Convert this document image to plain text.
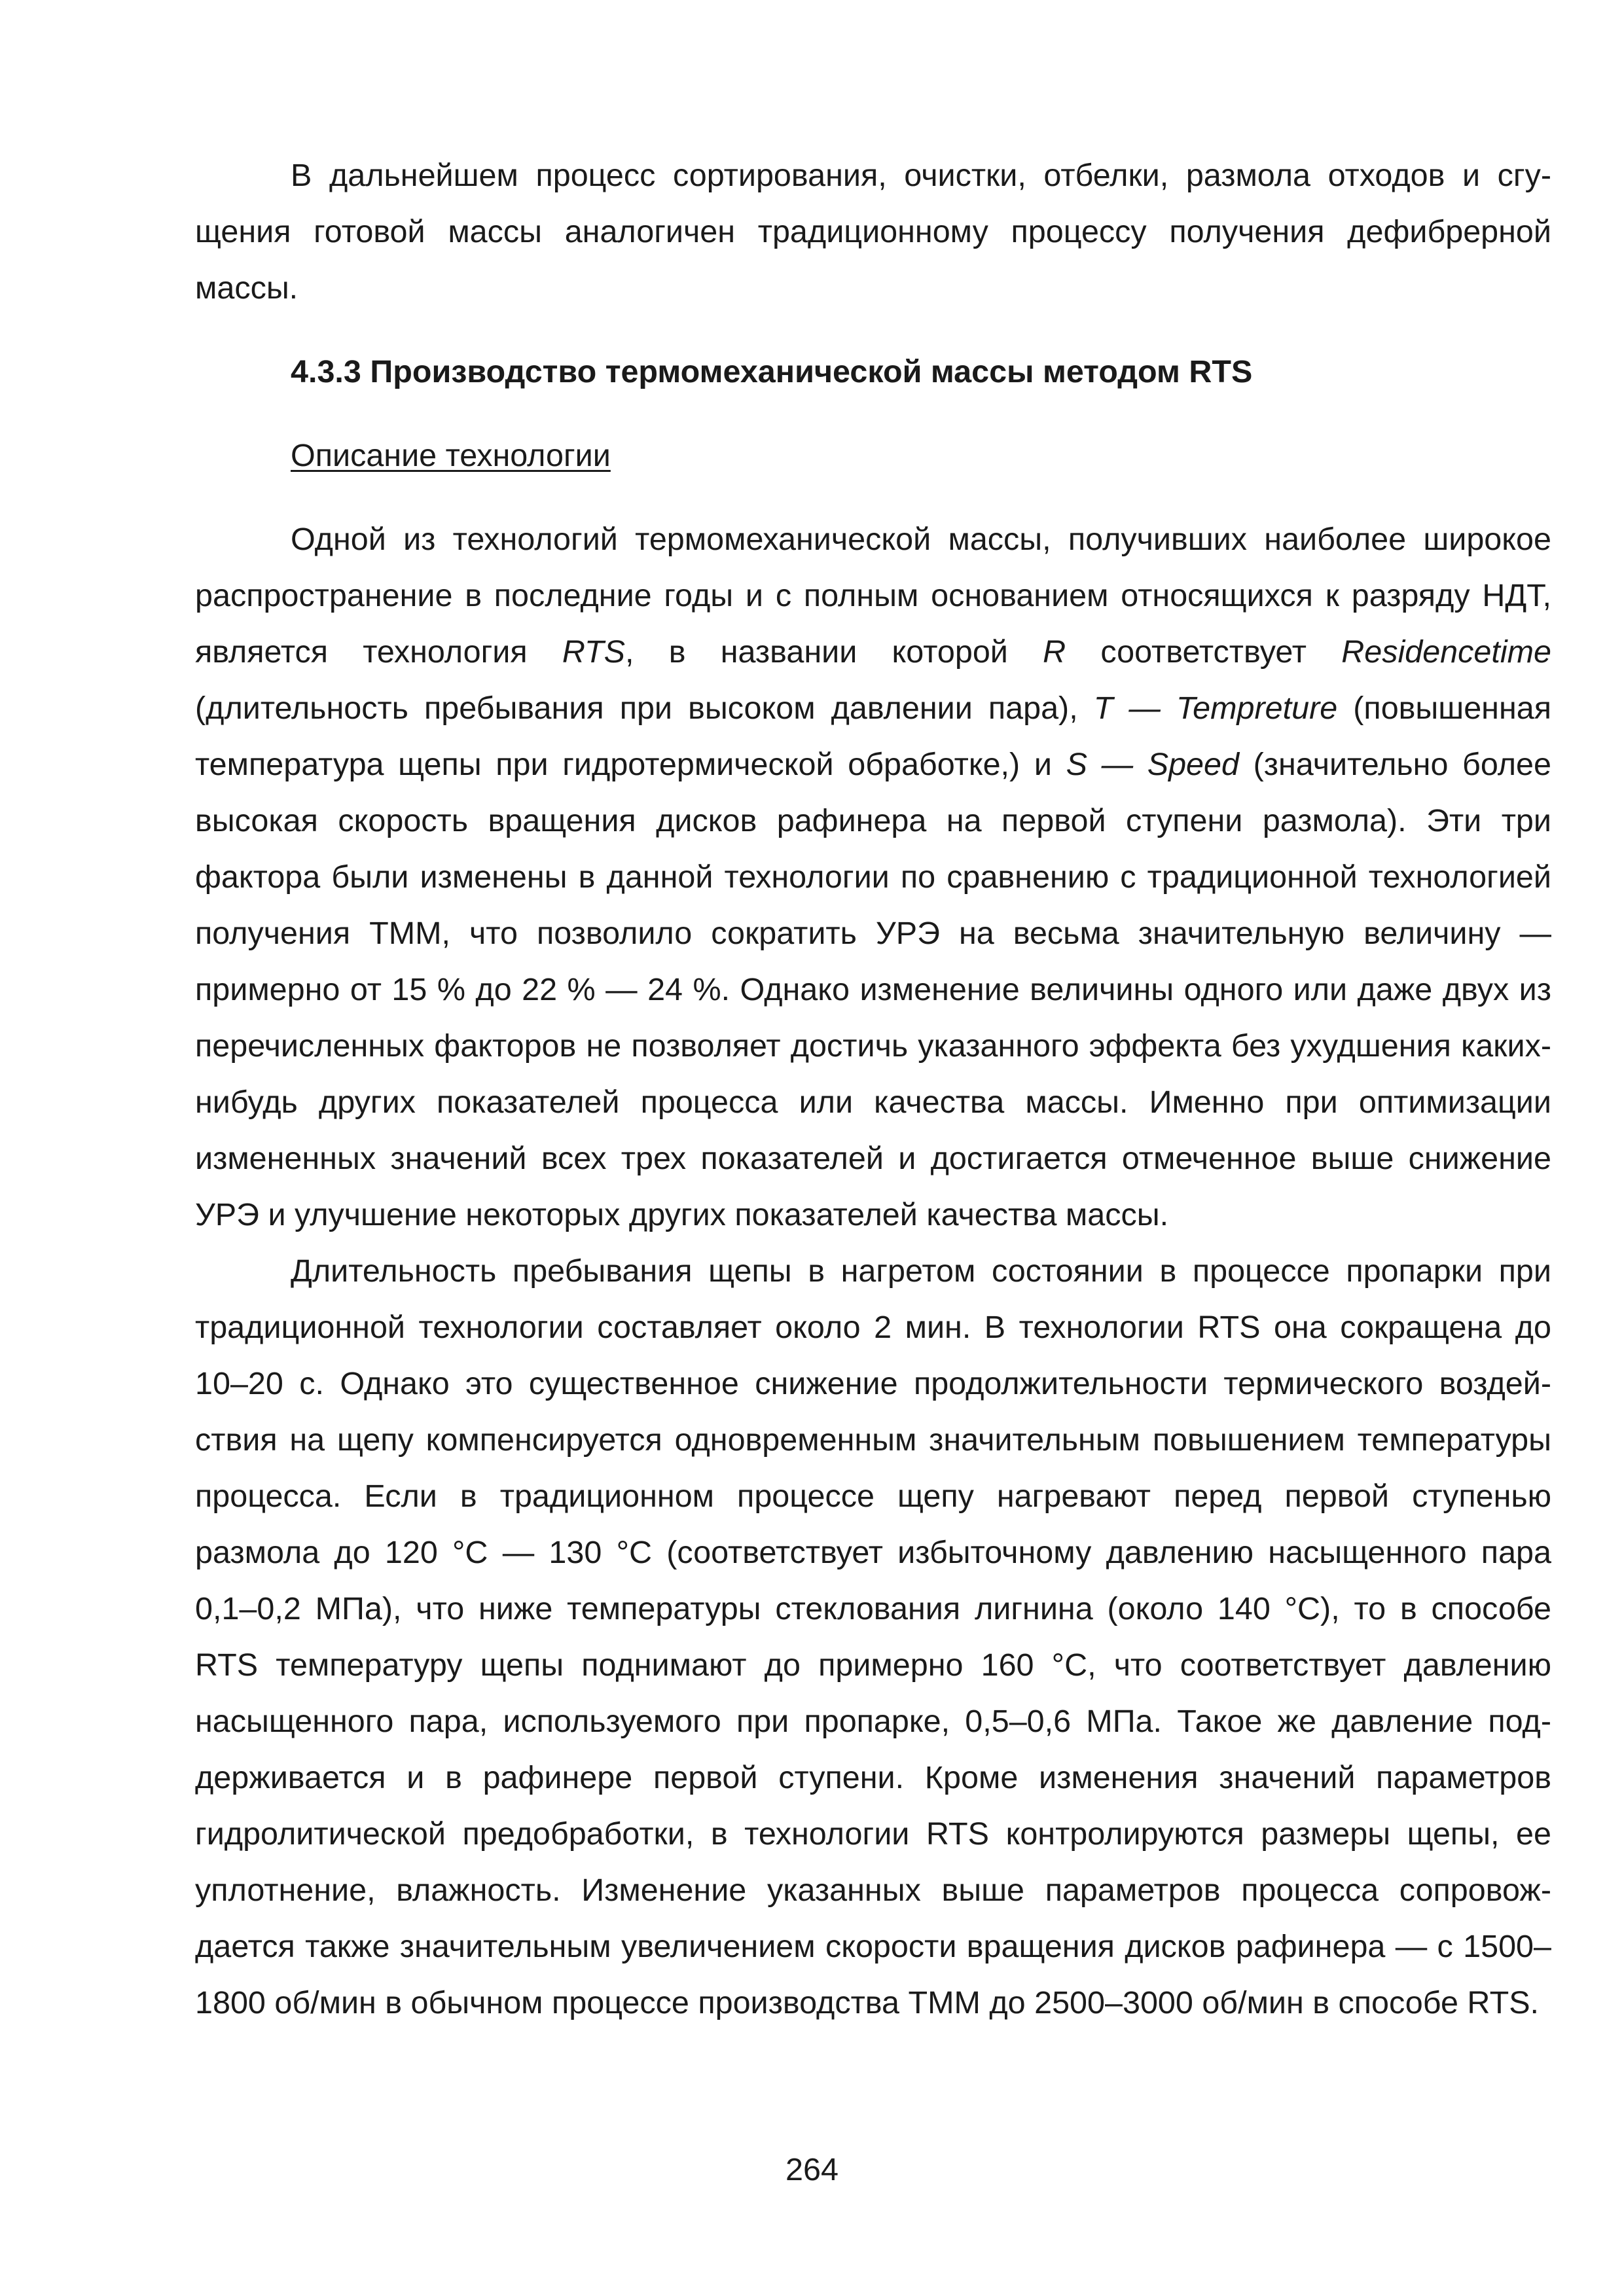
В дальнейшем процесс сортирования, очистки, отбелки, размола отходов и сгущения готовой массы аналогичен традиционному процессу получения дефибрерной массы.

4.3.3 Производство термомеханической массы методом RTS

Описание технологии

Одной из технологий термомеханической массы, получивших наиболее широкое распространение в последние годы и с полным основанием относящихся к разряду НДТ, является технология RTS, в названии которой R соответствует Residencetime (длительность пребывания при высоком давлении пара), T — Tempreture (повышенная температура щепы при гидротермической обработке,) и S — Speed (значительно более высокая скорость вращения дисков рафинера на первой ступени размола). Эти три фактора были изменены в данной технологии по сравнению с традиционной технологией получения ТММ, что позволило сократить УРЭ на весьма значительную величину — примерно от 15 % до 22 % — 24 %. Однако изменение величины одного или даже двух из перечисленных факторов не позволяет достичь указанного эффекта без ухудшения каких-нибудь других показателей процесса или качества массы. Именно при оптимизации измененных значений всех трех показателей и достигается отмеченное выше снижение УРЭ и улучшение некоторых других показателей качества массы.

Длительность пребывания щепы в нагретом состоянии в процессе пропарки при традиционной технологии составляет около 2 мин. В технологии RTS она сокращена до 10–20 с. Однако это существенное снижение продолжительности термического воздействия на щепу компенсируется одновременным значительным повышением температуры процесса. Если в традиционном процессе щепу нагревают перед первой ступенью размола до 120 °С — 130 °С (соответствует избыточному давлению насыщенного пара 0,1–0,2 МПа), что ниже температуры стеклования лигнина (около 140 °С), то в способе RTS температуру щепы поднимают до примерно 160 °С, что соответствует давлению насыщенного пара, используемого при пропарке, 0,5–0,6 МПа. Такое же давление поддерживается и в рафинере первой ступени. Кроме изменения значений параметров гидролитической предобработки, в технологии RTS контролируются размеры щепы, ее уплотнение, влажность. Изменение указанных выше параметров процесса сопровождается также значительным увеличением скорости вращения дисков рафинера — с 1500–1800 об/мин в обычном процессе производства ТММ до 2500–3000 об/мин в способе RTS.

264
